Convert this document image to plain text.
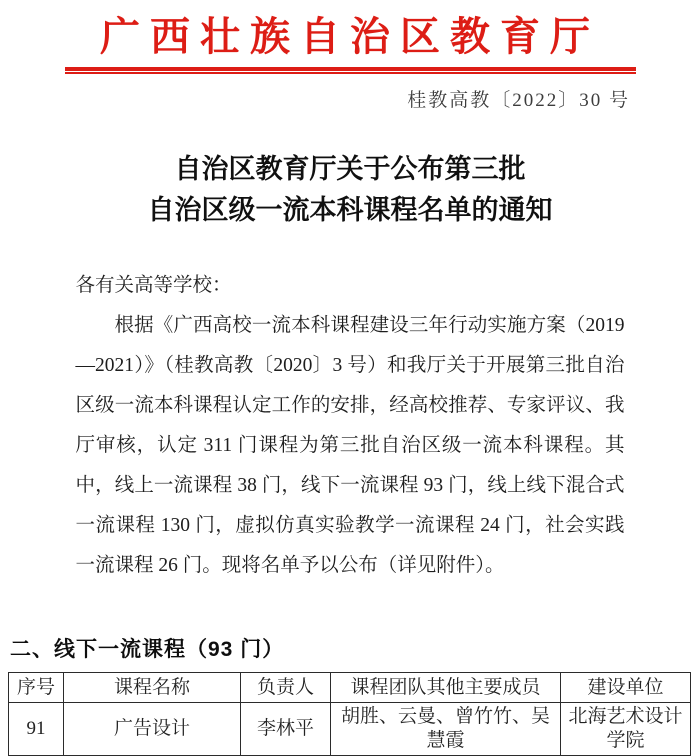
广西壮族自治区教育厅
桂教高教〔2022〕30 号
自治区教育厅关于公布第三批
自治区级一流本科课程名单的通知

各有关高等学校：

根据《广西高校一流本科课程建设三年行动实施方案（2019—2021）》（桂教高教〔2020〕3 号）和我厅关于开展第三批自治区级一流本科课程认定工作的安排，经高校推荐、专家评议、我厅审核，认定 311 门课程为第三批自治区级一流本科课程。其中，线上一流课程 38 门，线下一流课程 93 门，线上线下混合式一流课程 130 门，虚拟仿真实验教学一流课程 24 门，社会实践一流课程 26 门。现将名单予以公布（详见附件）。

二、线下一流课程（93 门）
序号	课程名称	负责人	课程团队其他主要成员	建设单位
91	广告设计	李林平	胡胜、云曼、曾竹竹、吴慧霞	北海艺术设计学院
